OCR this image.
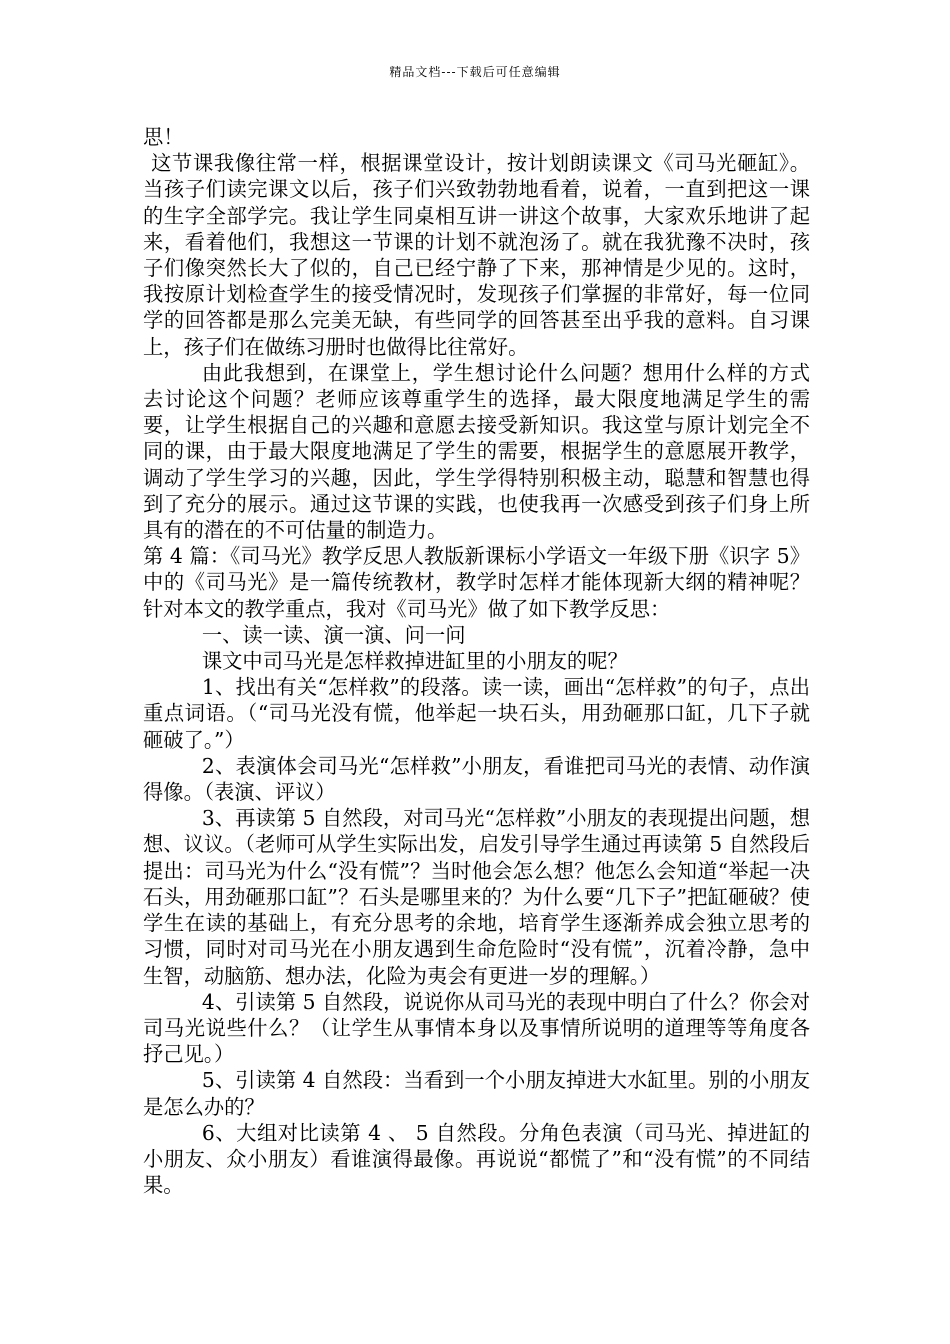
精品文档---下载后可任意编辑

思！

这节课我像往常一样，根据课堂设计，按计划朗读课文《司马光砸缸》。当孩子们读完课文以后，孩子们兴致勃勃地看着，说着，一直到把这一课的生字全部学完。我让学生同桌相互讲一讲这个故事，大家欢乐地讲了起来，看着他们，我想这一节课的计划不就泡汤了。就在我犹豫不决时，孩子们像突然长大了似的，自己已经宁静了下来，那神情是少见的。这时，我按原计划检查学生的接受情况时，发现孩子们掌握的非常好，每一位同学的回答都是那么完美无缺，有些同学的回答甚至出乎我的意料。自习课上，孩子们在做练习册时也做得比往常好。

由此我想到，在课堂上，学生想讨论什么问题？想用什么样的方式去讨论这个问题？老师应该尊重学生的选择，最大限度地满足学生的需要，让学生根据自己的兴趣和意愿去接受新知识。我这堂与原计划完全不同的课，由于最大限度地满足了学生的需要，根据学生的意愿展开教学，调动了学生学习的兴趣，因此，学生学得特别积极主动，聪慧和智慧也得到了充分的展示。通过这节课的实践，也使我再一次感受到孩子们身上所具有的潜在的不可估量的制造力。

第 4 篇：《司马光》教学反思人教版新课标小学语文一年级下册《识字 5》中的《司马光》是一篇传统教材，教学时怎样才能体现新大纲的精神呢？针对本文的教学重点，我对《司马光》做了如下教学反思：

一、读一读、演一演、问一问

课文中司马光是怎样救掉进缸里的小朋友的呢？

1、找出有关“怎样救”的段落。读一读，画出“怎样救”的句子，点出重点词语。（“司马光没有慌，他举起一块石头，用劲砸那口缸，几下子就砸破了。”）

2、表演体会司马光“怎样救”小朋友，看谁把司马光的表情、动作演得像。（表演、评议）

3、再读第 5 自然段，对司马光“怎样救”小朋友的表现提出问题，想想、议议。（老师可从学生实际出发，启发引导学生通过再读第 5 自然段后提出：司马光为什么“没有慌”？当时他会怎么想？他怎么会知道“举起一决石头，用劲砸那口缸”？石头是哪里来的？为什么要“几下子”把缸砸破？使学生在读的基础上，有充分思考的余地，培育学生逐渐养成会独立思考的习惯，同时对司马光在小朋友遇到生命危险时“没有慌”，沉着冷静，急中生智，动脑筋、想办法，化险为夷会有更进一岁的理解。）

4、引读第 5 自然段，说说你从司马光的表现中明白了什么？你会对司马光说些什么？（让学生从事情本身以及事情所说明的道理等等角度各抒己见。）

5、引读第 4 自然段：当看到一个小朋友掉进大水缸里。别的小朋友是怎么办的？

6、大组对比读第 4 、 5 自然段。分角色表演（司马光、掉进缸的小朋友、众小朋友）看谁演得最像。再说说“都慌了”和“没有慌”的不同结果。
